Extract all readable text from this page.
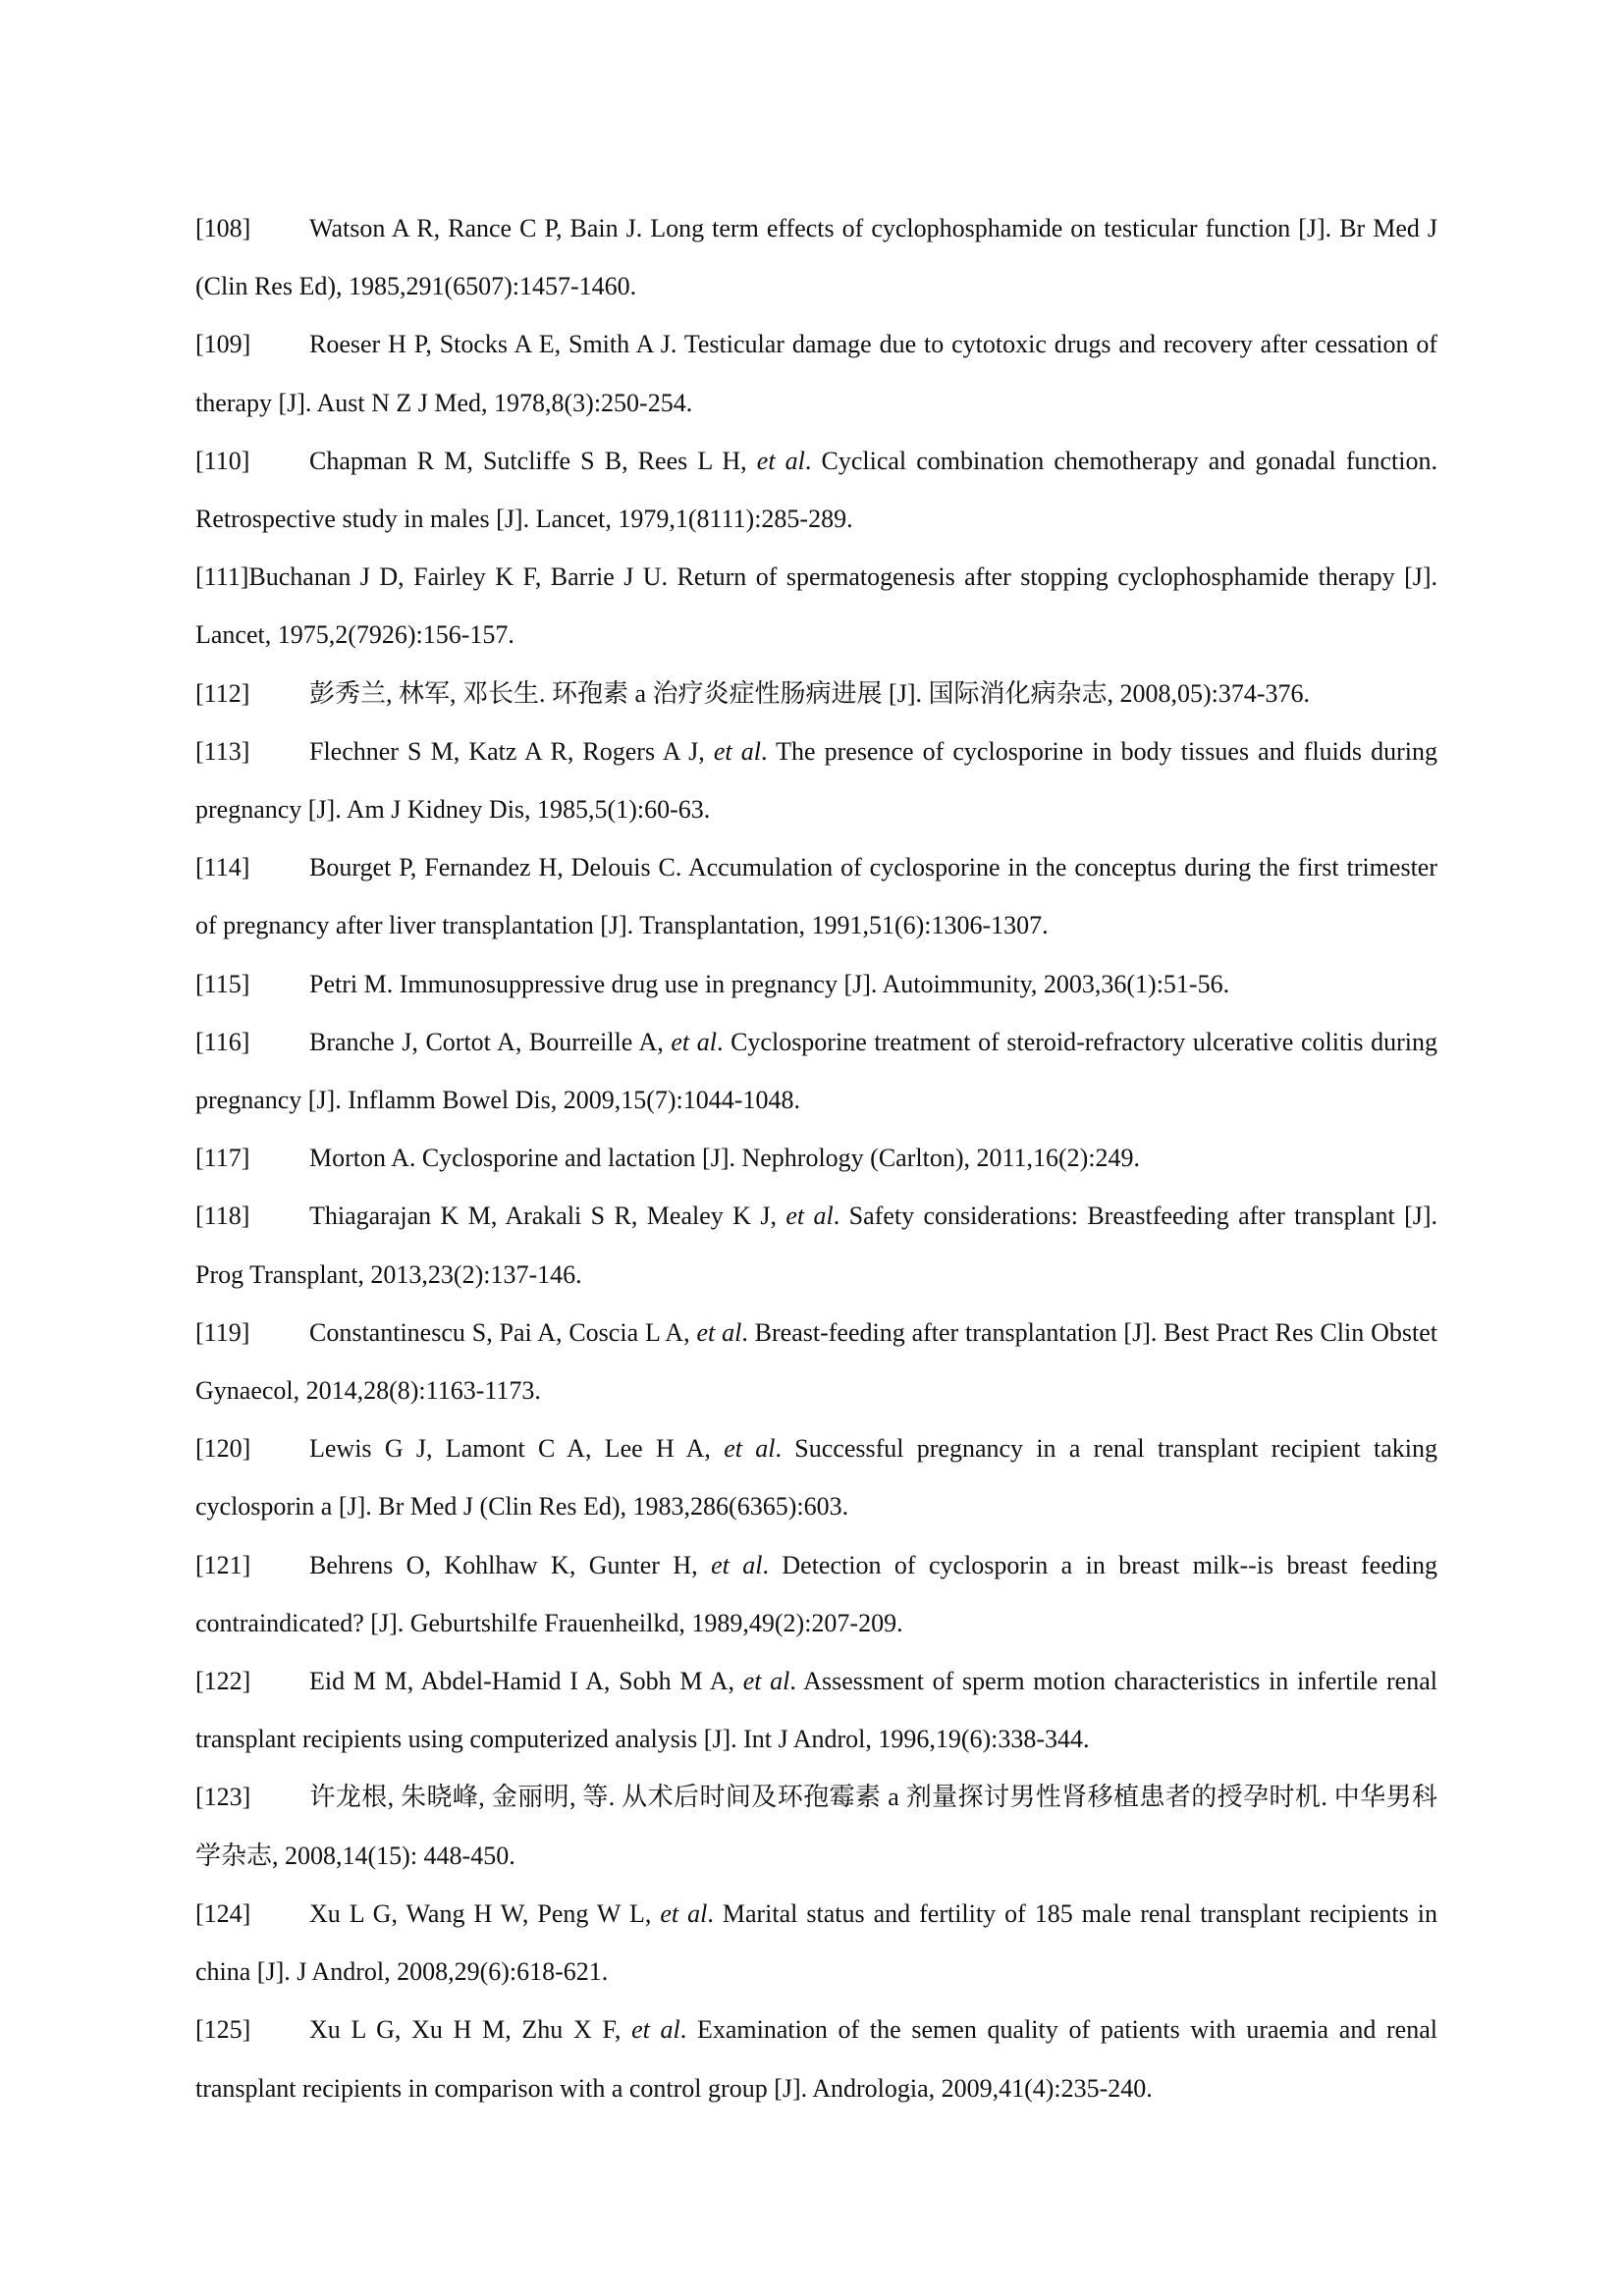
[108] Watson A R, Rance C P, Bain J. Long term effects of cyclophosphamide on testicular function [J]. Br Med J (Clin Res Ed), 1985,291(6507):1457-1460.

[109] Roeser H P, Stocks A E, Smith A J. Testicular damage due to cytotoxic drugs and recovery after cessation of therapy [J]. Aust N Z J Med, 1978,8(3):250-254.

[110] Chapman R M, Sutcliffe S B, Rees L H, et al. Cyclical combination chemotherapy and gonadal function. Retrospective study in males [J]. Lancet, 1979,1(8111):285-289.

[111]Buchanan J D, Fairley K F, Barrie J U. Return of spermatogenesis after stopping cyclophosphamide therapy [J]. Lancet, 1975,2(7926):156-157.

[112] 彭秀兰, 林军, 邓长生. 环孢素 a 治疗炎症性肠病进展 [J]. 国际消化病杂志, 2008,05):374-376.

[113] Flechner S M, Katz A R, Rogers A J, et al. The presence of cyclosporine in body tissues and fluids during pregnancy [J]. Am J Kidney Dis, 1985,5(1):60-63.

[114] Bourget P, Fernandez H, Delouis C. Accumulation of cyclosporine in the conceptus during the first trimester of pregnancy after liver transplantation [J]. Transplantation, 1991,51(6):1306-1307.

[115] Petri M. Immunosuppressive drug use in pregnancy [J]. Autoimmunity, 2003,36(1):51-56.

[116] Branche J, Cortot A, Bourreille A, et al. Cyclosporine treatment of steroid-refractory ulcerative colitis during pregnancy [J]. Inflamm Bowel Dis, 2009,15(7):1044-1048.

[117] Morton A. Cyclosporine and lactation [J]. Nephrology (Carlton), 2011,16(2):249.

[118] Thiagarajan K M, Arakali S R, Mealey K J, et al. Safety considerations: Breastfeeding after transplant [J]. Prog Transplant, 2013,23(2):137-146.

[119] Constantinescu S, Pai A, Coscia L A, et al. Breast-feeding after transplantation [J]. Best Pract Res Clin Obstet Gynaecol, 2014,28(8):1163-1173.

[120] Lewis G J, Lamont C A, Lee H A, et al. Successful pregnancy in a renal transplant recipient taking cyclosporin a [J]. Br Med J (Clin Res Ed), 1983,286(6365):603.

[121] Behrens O, Kohlhaw K, Gunter H, et al. Detection of cyclosporin a in breast milk--is breast feeding contraindicated? [J]. Geburtshilfe Frauenheilkd, 1989,49(2):207-209.

[122] Eid M M, Abdel-Hamid I A, Sobh M A, et al. Assessment of sperm motion characteristics in infertile renal transplant recipients using computerized analysis [J]. Int J Androl, 1996,19(6):338-344.

[123] 许龙根, 朱晓峰, 金丽明, 等. 从术后时间及环孢霉素 a 剂量探讨男性肾移植患者的授孕时机. 中华男科学杂志, 2008,14(15): 448-450.

[124] Xu L G, Wang H W, Peng W L, et al. Marital status and fertility of 185 male renal transplant recipients in china [J]. J Androl, 2008,29(6):618-621.

[125] Xu L G, Xu H M, Zhu X F, et al. Examination of the semen quality of patients with uraemia and renal transplant recipients in comparison with a control group [J]. Andrologia, 2009,41(4):235-240.
